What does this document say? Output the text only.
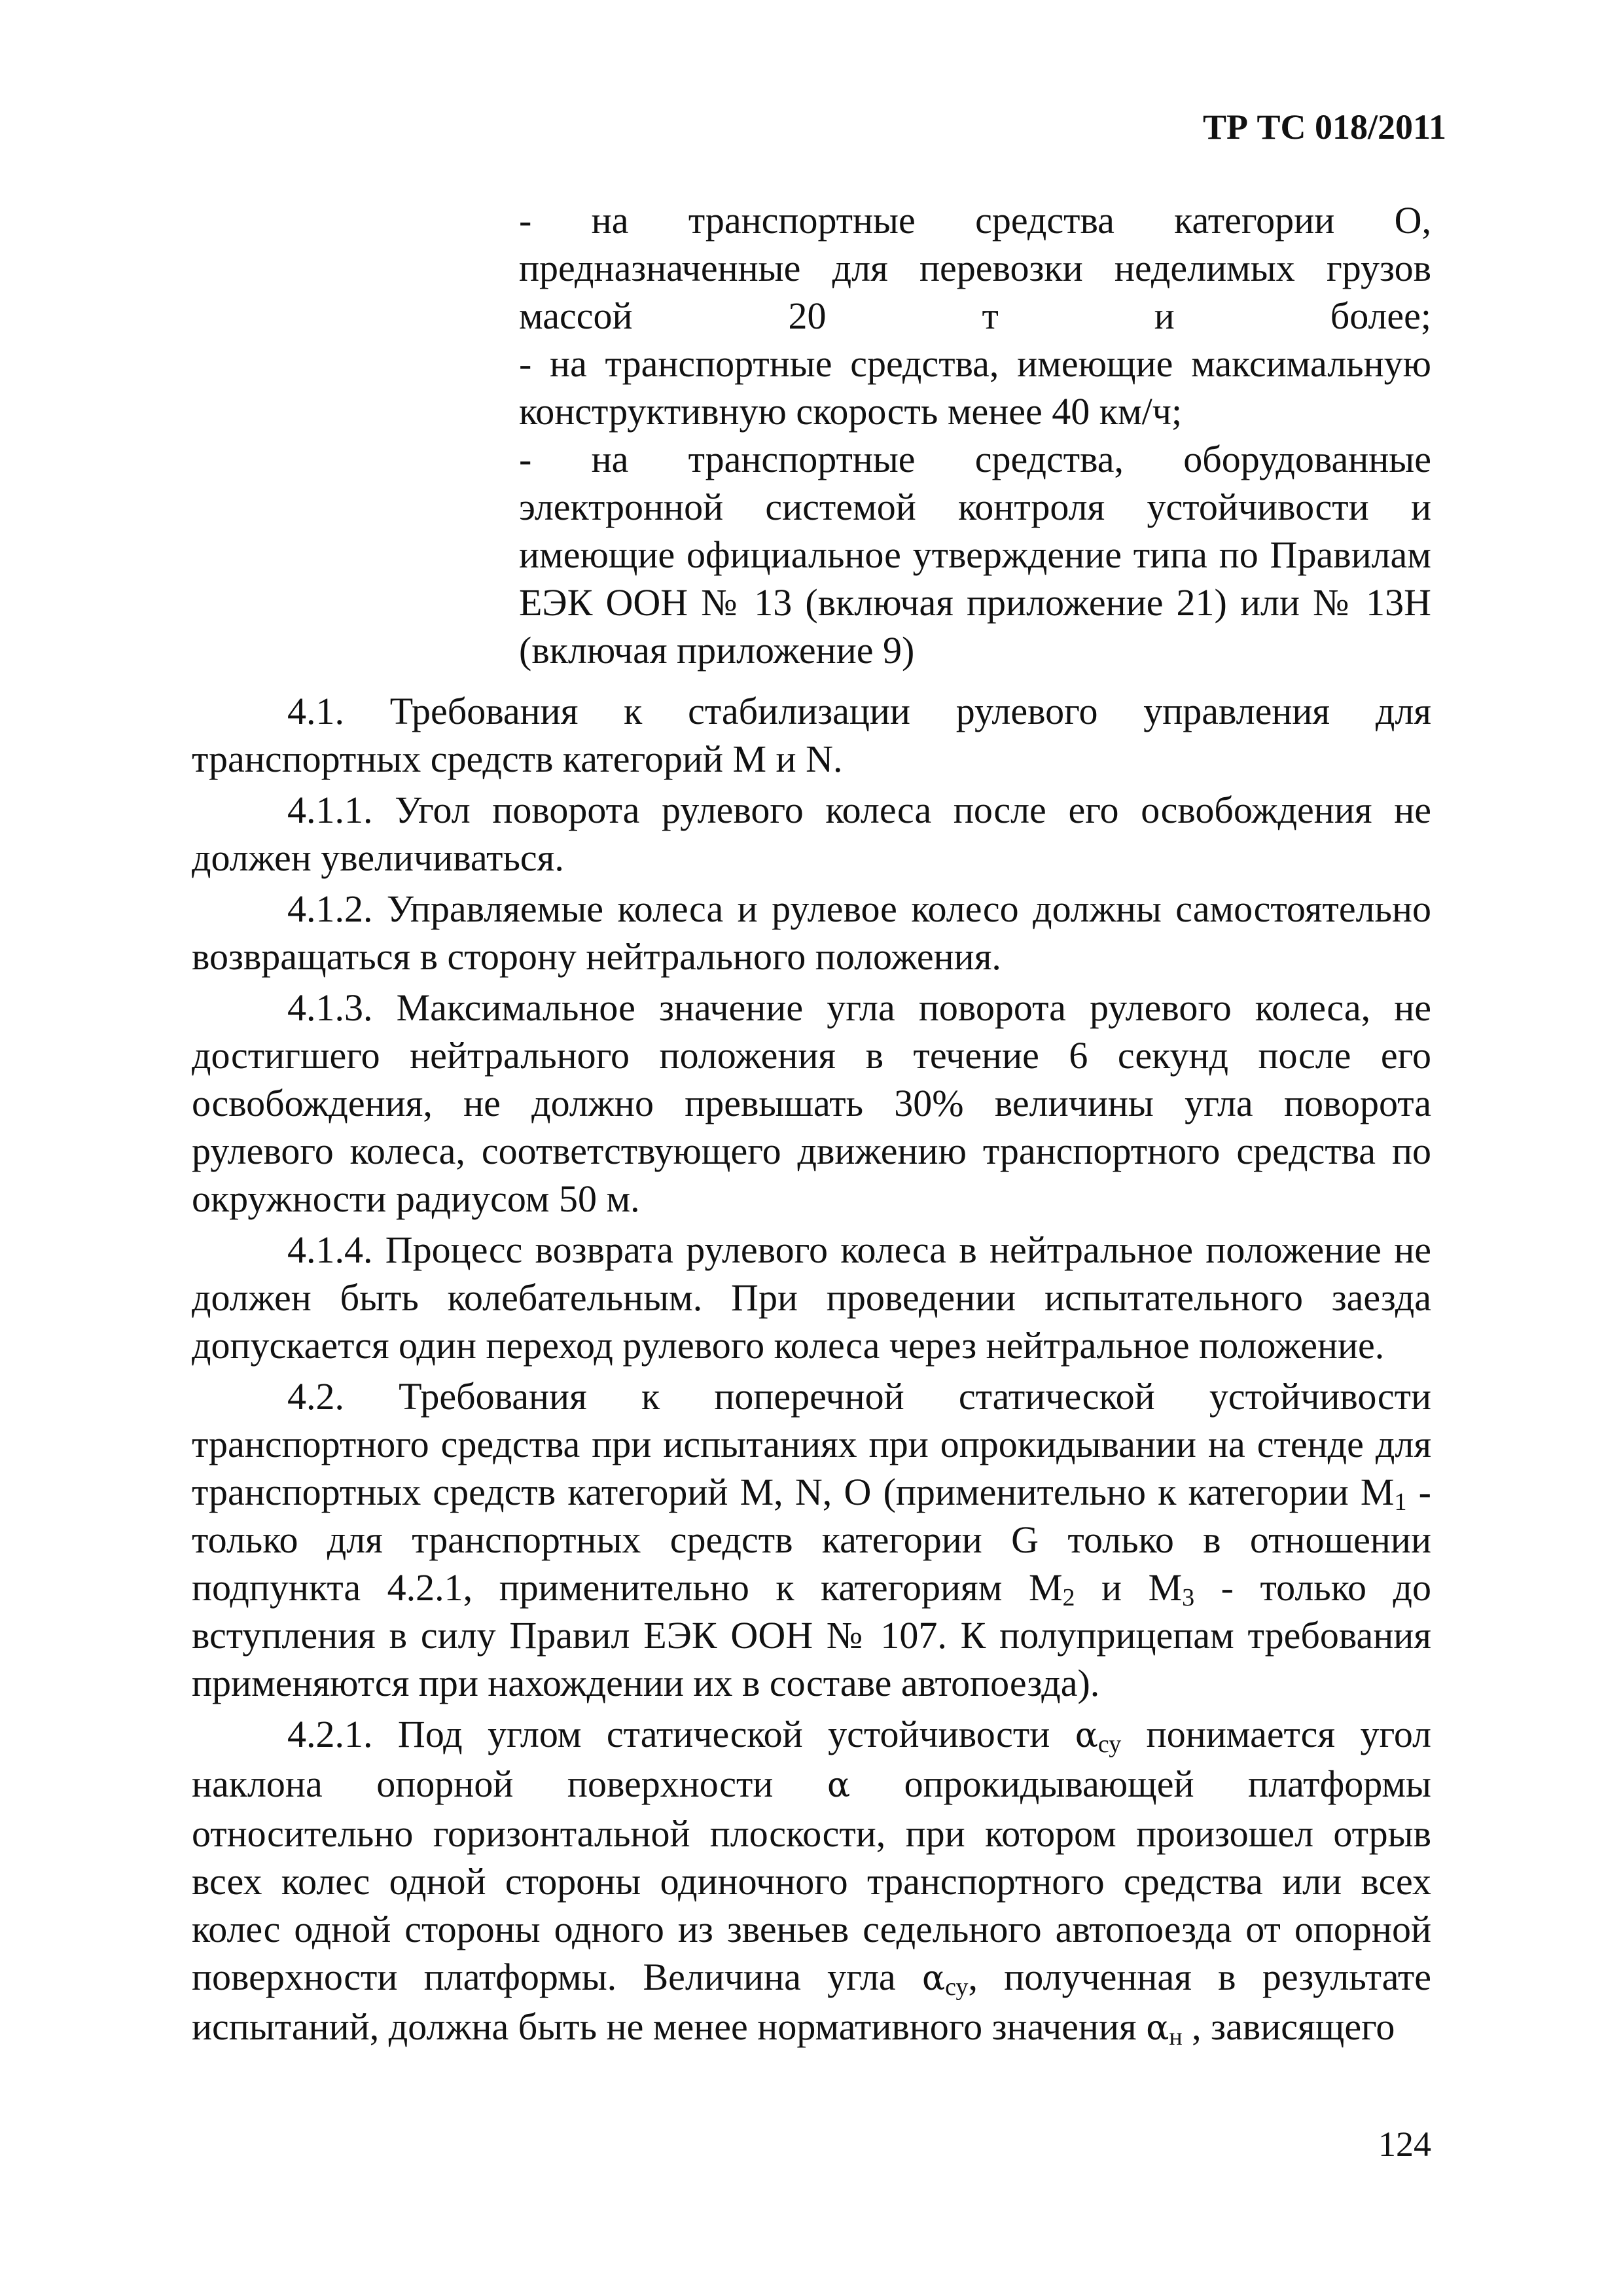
ТР ТС 018/2011
- на транспортные средства категории О, предназначенные для перевозки неделимых грузов массой 20 т и более;
- на транспортные средства, имеющие максимальную конструктивную скорость менее 40 км/ч;
- на транспортные средства, оборудованные электронной системой контроля устойчивости и имеющие официальное утверждение типа по Правилам ЕЭК ООН № 13 (включая приложение 21) или № 13Н (включая приложение 9)
4.1. Требования к стабилизации рулевого управления для транспортных средств категорий М и N.
4.1.1. Угол поворота рулевого колеса после его освобождения не должен увеличиваться.
4.1.2. Управляемые колеса и рулевое колесо должны самостоятельно возвращаться в сторону нейтрального положения.
4.1.3. Максимальное значение угла поворота рулевого колеса, не достигшего нейтрального положения в течение 6 секунд после его освобождения, не должно превышать 30% величины угла поворота рулевого колеса, соответствующего движению транспортного средства по окружности радиусом 50 м.
4.1.4. Процесс возврата рулевого колеса в нейтральное положение не должен быть колебательным. При проведении испытательного заезда допускается один переход рулевого колеса через нейтральное положение.
4.2. Требования к поперечной статической устойчивости транспортного средства при испытаниях при опрокидывании на стенде для транспортных средств категорий М, N, О (применительно к категории $М_1$ - только для транспортных средств категории G только в отношении подпункта 4.2.1, применительно к категориям $М_2$ и $М_3$ - только до вступления в силу Правил ЕЭК ООН № 107. К полуприцепам требования применяются при нахождении их в составе автопоезда).
4.2.1. Под углом статической устойчивости $\alpha_{су}$ понимается угол наклона опорной поверхности α опрокидывающей платформы относительно горизонтальной плоскости, при котором произошел отрыв всех колес одной стороны одиночного транспортного средства или всех колес одной стороны одного из звеньев седельного автопоезда от опорной поверхности платформы. Величина угла $\alpha_{су}$, полученная в результате испытаний, должна быть не менее нормативного значения $\alpha_н$ , зависящего
124
